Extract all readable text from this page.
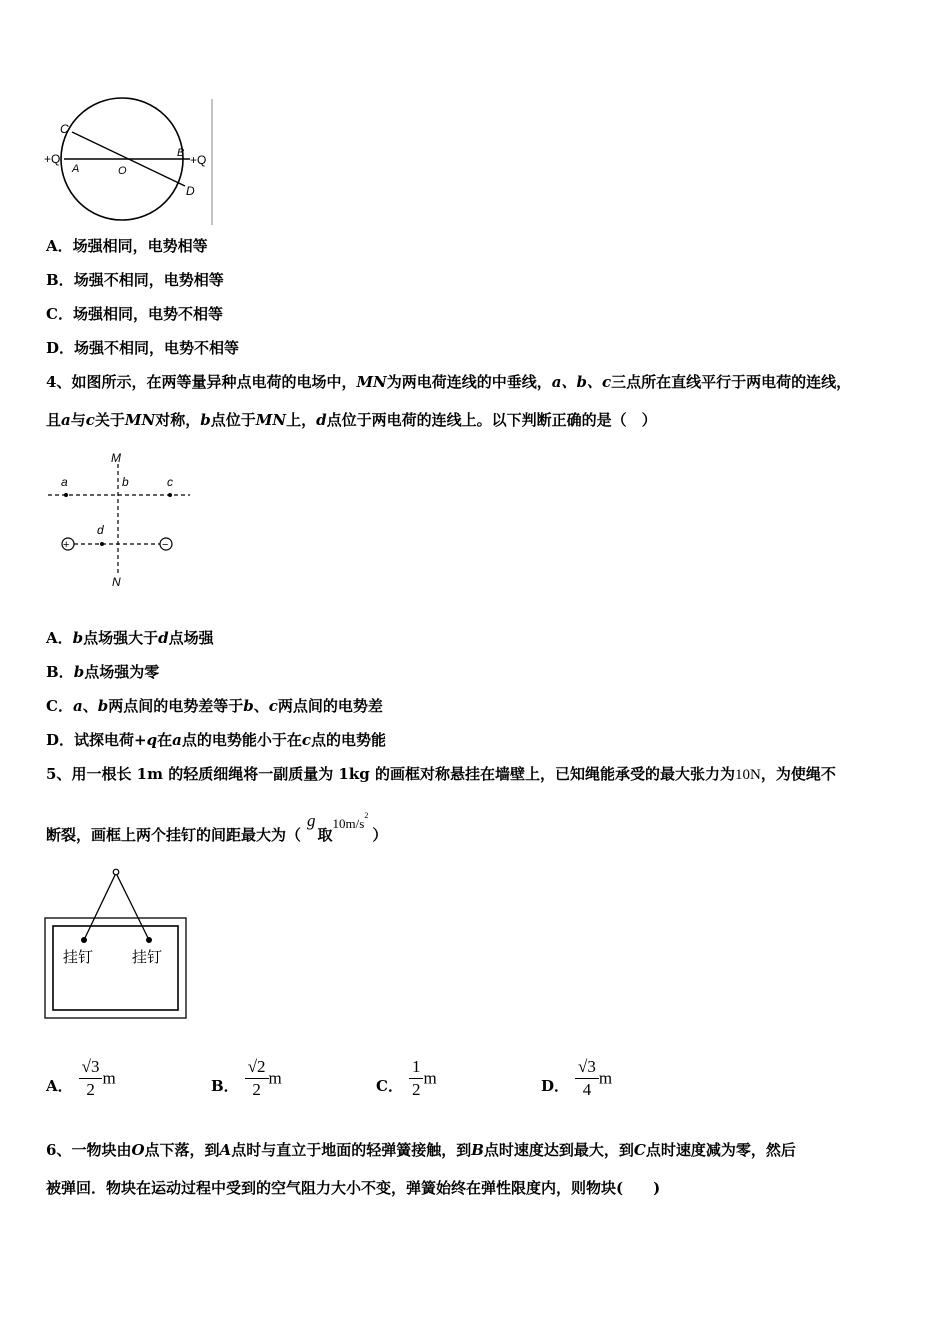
C
D
A
B
O
+Q	+Q
A．场强相同，电势相等
B．场强不相同，电势相等
C．场强相同，电势不相等
D．场强不相同，电势不相等
4、如图所示，在两等量异种点电荷的电场中，MN为两电荷连线的中垂线，a、b、c三点所在直线平行于两电荷的连线，
且a与c关于MN对称，b点位于MN上，d点位于两电荷的连线上。以下判断正确的是（　）
+	−
M
N
a	b	c
d
A．b点场强大于d点场强
B．b点场强为零
C．a、b两点间的电势差等于b、c两点间的电势差
D．试探电荷+q在a点的电势能小于在c点的电势能
5、用一根长 1m 的轻质细绳将一副质量为 1kg 的画框对称悬挂在墙壁上，已知绳能承受的最大张力为10N，为使绳不
断裂，画框上两个挂钉的间距最大为（g取$10m/s^2$）
挂钉	挂钉
A． $\frac{√3}{2}$ m	B． $\frac{√2}{2}$ m	C． $\frac{1}{2}$ m	D． $\frac{√3}{4}$ m
6、一物块由O点下落，到A点时与直立于地面的轻弹簧接触，到B点时速度达到最大，到C点时速度减为零，然后
被弹回．物块在运动过程中受到的空气阻力大小不变，弹簧始终在弹性限度内，则物块(　　)
